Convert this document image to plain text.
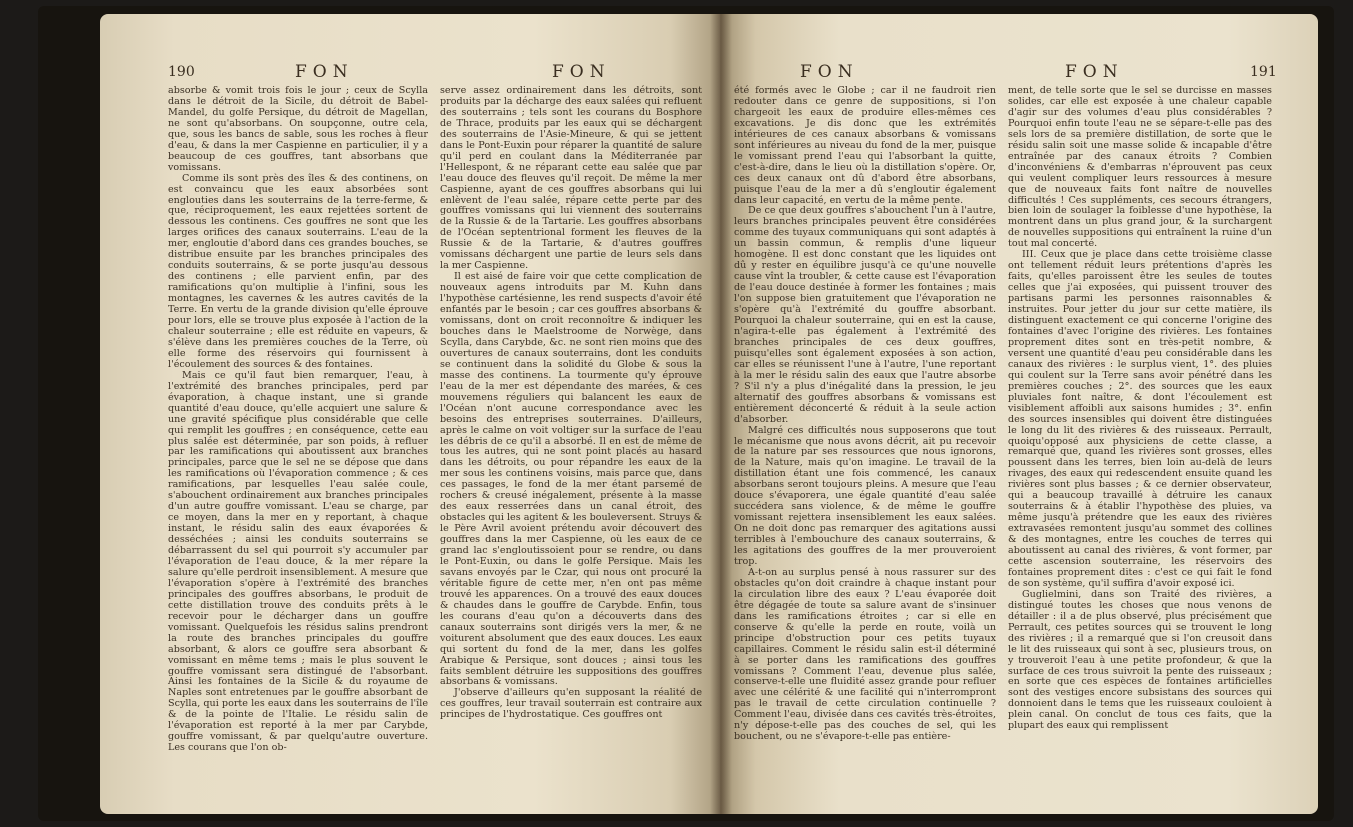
190	FON	FON

absorbe & vomit trois fois le jour ; ceux de Scylla dans le détroit de la Sicile, du détroit de Babel-Mandel, du golfe Persique, du détroit de Magellan, ne sont qu'absorbans. On soupçonne, outre cela, que, sous les bancs de sable, sous les roches à fleur d'eau, & dans la mer Caspienne en particulier, il y a beaucoup de ces gouffres, tant absorbans que vomissans.

Comme ils sont près des îles & des continens, on est convaincu que les eaux absorbées sont englouties dans les souterrains de la terre-ferme, & que, réciproquement, les eaux rejettées sortent de dessous les continens. Ces gouffres ne sont que les larges orifices des canaux souterrains. L'eau de la mer, engloutie d'abord dans ces grandes bouches, se distribue ensuite par les branches principales des conduits souterrains, & se porte jusqu'au dessous des continens ; elle parvient enfin, par des ramifications qu'on multiplie à l'infini, sous les montagnes, les cavernes & les autres cavités de la Terre. En vertu de la grande division qu'elle éprouve pour lors, elle se trouve plus exposée à l'action de la chaleur souterraine ; elle est réduite en vapeurs, & s'élève dans les premières couches de la Terre, où elle forme des réservoirs qui fournissent à l'écoulement des sources & des fontaines.

Mais ce qu'il faut bien remarquer, l'eau, à l'extrémité des branches principales, perd par évaporation, à chaque instant, une si grande quantité d'eau douce, qu'elle acquiert une salure & une gravité spécifique plus considérable que celle qui remplit les gouffres ; en conséquence, cette eau plus salée est déterminée, par son poids, à refluer par les ramifications qui aboutissent aux branches principales, parce que le sel ne se dépose que dans les ramifications où l'évaporation commence ; & ces ramifications, par lesquelles l'eau salée coule, s'abouchent ordinairement aux branches principales d'un autre gouffre vomissant. L'eau se charge, par ce moyen, dans la mer en y reportant, à chaque instant, le résidu salin des eaux évaporées & desséchées ; ainsi les conduits souterrains se débarrassent du sel qui pourroit s'y accumuler par l'évaporation de l'eau douce, & la mer répare la salure qu'elle perdroit insensiblement. A mesure que l'évaporation s'opère à l'extrémité des branches principales des gouffres absorbans, le produit de cette distillation trouve des conduits prêts à le recevoir pour le décharger dans un gouffre vomissant. Quelquefois les résidus salins prendront la route des branches principales du gouffre absorbant, & alors ce gouffre sera absorbant & vomissant en même tems ; mais le plus souvent le gouffre vomissant sera distingué de l'absorbant. Ainsi les fontaines de la Sicile & du royaume de Naples sont entretenues par le gouffre absorbant de Scylla, qui porte les eaux dans les souterrains de l'île & de la pointe de l'Italie. Le résidu salin de l'évaporation est reporté à la mer par Carybde, gouffre vomissant, & par quelqu'autre ouverture. Les courans que l'on ob-

serve assez ordinairement dans les détroits, sont produits par la décharge des eaux salées qui refluent des souterrains ; tels sont les courans du Bosphore de Thrace, produits par les eaux qui se déchargent des souterrains de l'Asie-Mineure, & qui se jettent dans le Pont-Euxin pour réparer la quantité de salure qu'il perd en coulant dans la Méditerranée par l'Hellespont, & ne réparant cette eau salée que par l'eau douce des fleuves qu'il reçoit. De même la mer Caspienne, ayant de ces gouffres absorbans qui lui enlèvent de l'eau salée, répare cette perte par des gouffres vomissans qui lui viennent des souterrains de la Russie & de la Tartarie. Les gouffres absorbans de l'Océan septentrional forment les fleuves de la Russie & de la Tartarie, & d'autres gouffres vomissans déchargent une partie de leurs sels dans la mer Caspienne.

Il est aisé de faire voir que cette complication de nouveaux agens introduits par M. Kuhn dans l'hypothèse cartésienne, les rend suspects d'avoir été enfantés par le besoin ; car ces gouffres absorbans & vomissans, dont on croit reconnoître & indiquer les bouches dans le Maelstroome de Norwège, dans Scylla, dans Carybde, &c. ne sont rien moins que des ouvertures de canaux souterrains, dont les conduits se continuent dans la solidité du Globe & sous la masse des continens. La tourmente qu'y éprouve l'eau de la mer est dépendante des marées, & ces mouvemens réguliers qui balancent les eaux de l'Océan n'ont aucune correspondance avec les besoins des entreprises souterraines. D'ailleurs, après le calme on voit voltiger sur la surface de l'eau les débris de ce qu'il a absorbé. Il en est de même de tous les autres, qui ne sont point placés au hasard dans les détroits, ou pour répandre les eaux de la mer sous les continens voisins, mais parce que, dans ces passages, le fond de la mer étant parsemé de rochers & creusé inégalement, présente à la masse des eaux resserrées dans un canal étroit, des obstacles qui les agitent & les bouleversent. Struys & le Père Avril avoient prétendu avoir découvert des gouffres dans la mer Caspienne, où les eaux de ce grand lac s'engloutissoient pour se rendre, ou dans le Pont-Euxin, ou dans le golfe Persique. Mais les savans envoyés par le Czar, qui nous ont procuré la véritable figure de cette mer, n'en ont pas même trouvé les apparences. On a trouvé des eaux douces & chaudes dans le gouffre de Carybde. Enfin, tous les courans d'eau qu'on a découverts dans des canaux souterrains sont dirigés vers la mer, & ne voiturent absolument que des eaux douces. Les eaux qui sortent du fond de la mer, dans les golfes Arabique & Persique, sont douces ; ainsi tous les faits semblent détruire les suppositions des gouffres absorbans & vomissans.

J'observe d'ailleurs qu'en supposant la réalité de ces gouffres, leur travail souterrain est contraire aux principes de l'hydrostatique. Ces gouffres ont

FON	FON	191

été formés avec le Globe ; car il ne faudroit rien redouter dans ce genre de suppositions, si l'on chargeoit les eaux de produire elles-mêmes ces excavations. Je dis donc que les extrémités intérieures de ces canaux absorbans & vomissans sont inférieures au niveau du fond de la mer, puisque le vomissant prend l'eau qui l'absorbant la quitte, c'est-à-dire, dans le lieu où la distillation s'opère. Or, ces deux canaux ont dû d'abord être absorbans, puisque l'eau de la mer a dû s'engloutir également dans leur capacité, en vertu de la même pente.

De ce que deux gouffres s'abouchent l'un à l'autre, leurs branches principales peuvent être considérées comme des tuyaux communiquans qui sont adaptés à un bassin commun, & remplis d'une liqueur homogène. Il est donc constant que les liquides ont dû y rester en équilibre jusqu'à ce qu'une nouvelle cause vînt la troubler, & cette cause est l'évaporation de l'eau douce destinée à former les fontaines ; mais l'on suppose bien gratuitement que l'évaporation ne s'opère qu'à l'extrémité du gouffre absorbant. Pourquoi la chaleur souterraine, qui en est la cause, n'agira-t-elle pas également à l'extrémité des branches principales de ces deux gouffres, puisqu'elles sont également exposées à son action, car elles se réunissent l'une à l'autre, l'une reportant à la mer le résidu salin des eaux que l'autre absorbe ? S'il n'y a plus d'inégalité dans la pression, le jeu alternatif des gouffres absorbans & vomissans est entièrement déconcerté & réduit à la seule action d'absorber.

Malgré ces difficultés nous supposerons que tout le mécanisme que nous avons décrit, ait pu recevoir de la nature par ses ressources que nous ignorons, de la Nature, mais qu'on imagine. Le travail de la distillation étant une fois commencé, les canaux absorbans seront toujours pleins. A mesure que l'eau douce s'évaporera, une égale quantité d'eau salée succédera sans violence, & de même le gouffre vomissant rejettera insensiblement les eaux salées. On ne doit donc pas remarquer des agitations aussi terribles à l'embouchure des canaux souterrains, & les agitations des gouffres de la mer prouveroient trop.

A-t-on au surplus pensé à nous rassurer sur des obstacles qu'on doit craindre à chaque instant pour la circulation libre des eaux ? L'eau évaporée doit être dégagée de toute sa salure avant de s'insinuer dans les ramifications étroites ; car si elle en conserve & qu'elle la perde en route, voilà un principe d'obstruction pour ces petits tuyaux capillaires. Comment le résidu salin est-il déterminé à se porter dans les ramifications des gouffres vomissans ? Comment l'eau, devenue plus salée, conserve-t-elle une fluidité assez grande pour refluer avec une célérité & une facilité qui n'interrompront pas le travail de cette circulation continuelle ? Comment l'eau, divisée dans ces cavités très-étroites, n'y dépose-t-elle pas des couches de sel, qui les bouchent, ou ne s'évapore-t-elle pas entière-

ment, de telle sorte que le sel se durcisse en masses solides, car elle est exposée à une chaleur capable d'agir sur des volumes d'eau plus considérables ? Pourquoi enfin toute l'eau ne se sépare-t-elle pas des sels lors de sa première distillation, de sorte que le résidu salin soit une masse solide & incapable d'être entraînée par des canaux étroits ? Combien d'inconvéniens & d'embarras n'éprouvent pas ceux qui veulent compliquer leurs ressources à mesure que de nouveaux faits font naître de nouvelles difficultés ! Ces suppléments, ces secours étrangers, bien loin de soulager la foiblesse d'une hypothèse, la montrent dans un plus grand jour, & la surchargent de nouvelles suppositions qui entraînent la ruine d'un tout mal concerté.

III. Ceux que je place dans cette troisième classe ont tellement réduit leurs prétentions d'après les faits, qu'elles paroissent être les seules de toutes celles que j'ai exposées, qui puissent trouver des partisans parmi les personnes raisonnables & instruites. Pour jetter du jour sur cette matière, ils distinguent exactement ce qui concerne l'origine des fontaines d'avec l'origine des rivières. Les fontaines proprement dites sont en très-petit nombre, & versent une quantité d'eau peu considérable dans les canaux des rivières : le surplus vient, 1°. des pluies qui coulent sur la Terre sans avoir pénétré dans les premières couches ; 2°. des sources que les eaux pluviales font naître, & dont l'écoulement est visiblement affoibli aux saisons humides ; 3°. enfin des sources insensibles qui doivent être distinguées le long du lit des rivières & des ruisseaux. Perrault, quoiqu'opposé aux physiciens de cette classe, a remarqué que, quand les rivières sont grosses, elles poussent dans les terres, bien loin au-delà de leurs rivages, des eaux qui redescendent ensuite quand les rivières sont plus basses ; & ce dernier observateur, qui a beaucoup travaillé à détruire les canaux souterrains & à établir l'hypothèse des pluies, va même jusqu'à prétendre que les eaux des rivières extravasées remontent jusqu'au sommet des collines & des montagnes, entre les couches de terres qui aboutissent au canal des rivières, & vont former, par cette ascension souterraine, les réservoirs des fontaines proprement dites : c'est ce qui fait le fond de son système, qu'il suffira d'avoir exposé ici.

Guglielmini, dans son Traité des rivières, a distingué toutes les choses que nous venons de détailler : il a de plus observé, plus précisément que Perrault, ces petites sources qui se trouvent le long des rivières ; il a remarqué que si l'on creusoit dans le lit des ruisseaux qui sont à sec, plusieurs trous, on y trouveroit l'eau à une petite profondeur, & que la surface de ces trous suivroit la pente des ruisseaux ; en sorte que ces espèces de fontaines artificielles sont des vestiges encore subsistans des sources qui donnoient dans le tems que les ruisseaux couloient à plein canal. On conclut de tous ces faits, que la plupart des eaux qui remplissent
